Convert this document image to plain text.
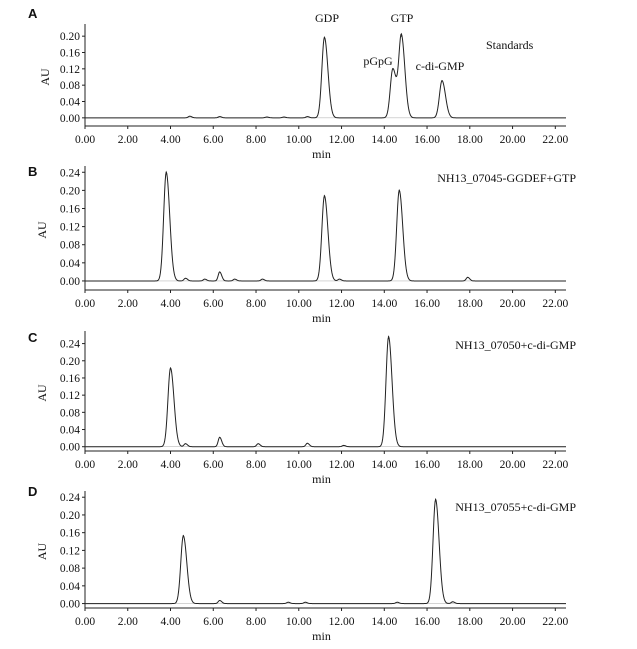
A
0.00
0.04
0.08
0.12
0.16
0.20
0.00 2.00 4.00 6.00 8.00 10.00 12.00 14.00 16.00 18.00 20.00 22.00
min
AU
Standards
GDP
pGpG
GTP
c-di-GMP
B
0.00
0.04
0.08
0.12
0.16
0.20
0.24
0.00 2.00 4.00 6.00 8.00 10.00 12.00 14.00 16.00 18.00 20.00 22.00
min
AU
NH13_07045-GGDEF+GTP
C
0.00
0.04
0.08
0.12
0.16
0.20
0.24
0.00 2.00 4.00 6.00 8.00 10.00 12.00 14.00 16.00 18.00 20.00 22.00
min
AU
NH13_07050+c-di-GMP
D
0.00
0.04
0.08
0.12
0.16
0.20
0.24
0.00 2.00 4.00 6.00 8.00 10.00 12.00 14.00 16.00 18.00 20.00 22.00
min
AU
NH13_07055+c-di-GMP
